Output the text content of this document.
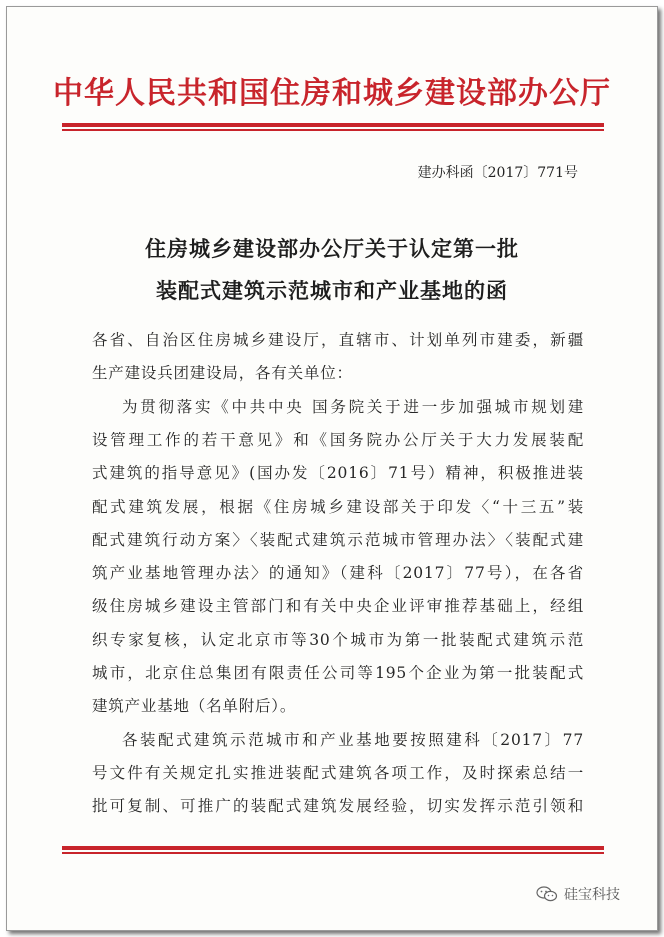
中华人民共和国住房和城乡建设部办公厅
建办科函〔2017〕771号
住房城乡建设部办公厅关于认定第一批
装配式建筑示范城市和产业基地的函
各省、自治区住房城乡建设厅，直辖市、计划单列市建委，新疆
生产建设兵团建设局，各有关单位：
为贯彻落实《中共中央 国务院关于进一步加强城市规划建
设管理工作的若干意见》和《国务院办公厅关于大力发展装配
式建筑的指导意见》(国办发〔2016〕71号）精神，积极推进装
配式建筑发展，根据《住房城乡建设部关于印发〈“十三五”装
配式建筑行动方案〉〈装配式建筑示范城市管理办法〉〈装配式建
筑产业基地管理办法〉的通知》（建科〔2017〕77号），在各省
级住房城乡建设主管部门和有关中央企业评审推荐基础上，经组
织专家复核，认定北京市等30个城市为第一批装配式建筑示范
城市，北京住总集团有限责任公司等195个企业为第一批装配式
建筑产业基地（名单附后）。
各装配式建筑示范城市和产业基地要按照建科〔2017〕77
号文件有关规定扎实推进装配式建筑各项工作，及时探索总结一
批可复制、可推广的装配式建筑发展经验，切实发挥示范引领和
硅宝科技
